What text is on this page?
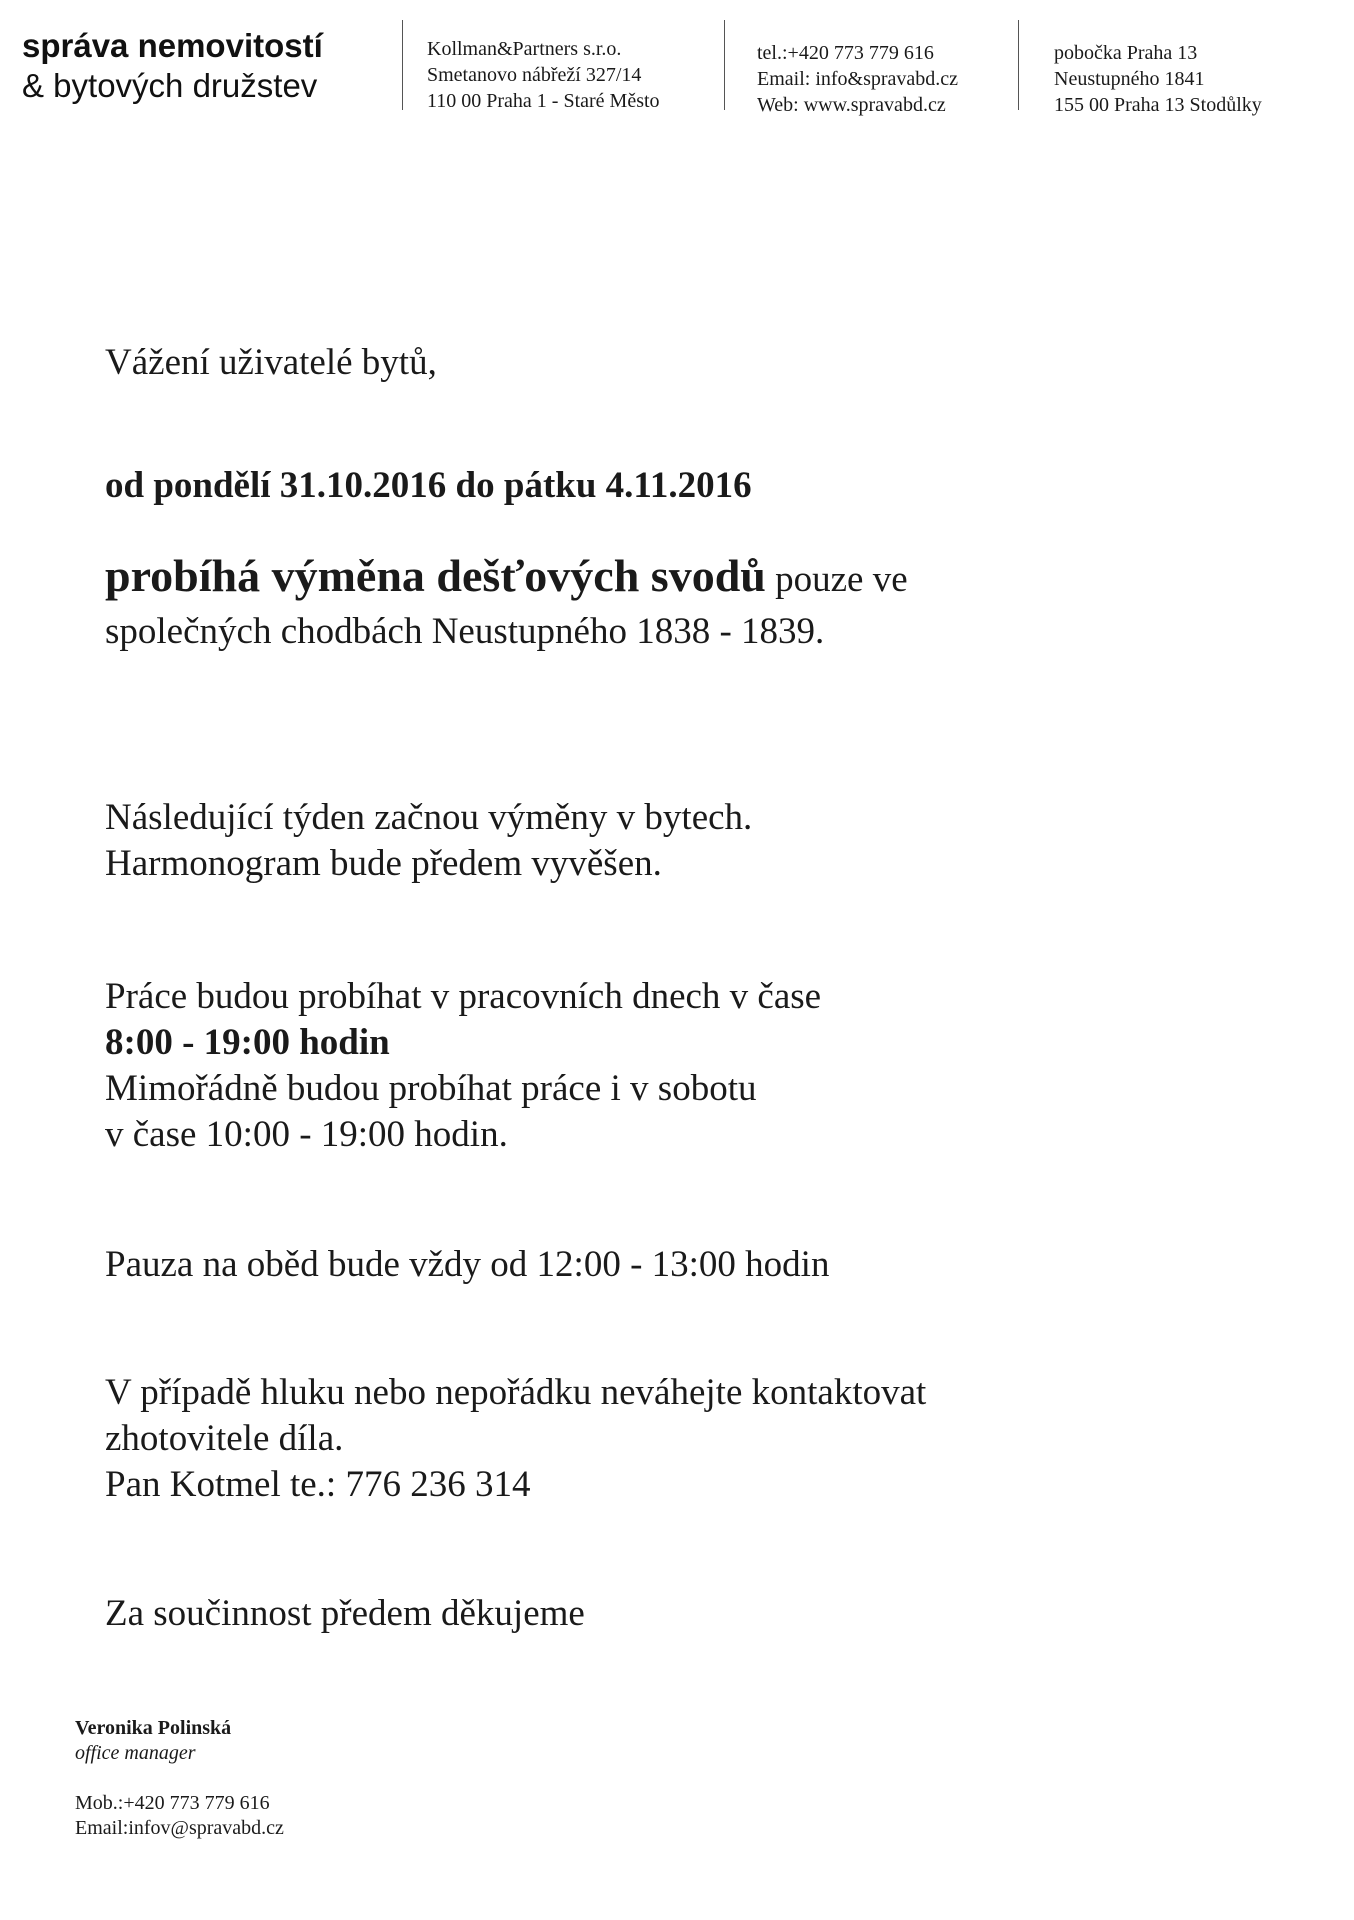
správa nemovitostí
& bytových družstev
Kollman&Partners s.r.o.
Smetanovo nábřeží 327/14
110 00 Praha 1 - Staré Město
tel.:+420 773 779 616
Email: info&spravabd.cz
Web: www.spravabd.cz
pobočka Praha 13
Neustupného 1841
155 00 Praha 13 Stodůlky
Vážení uživatelé bytů,
od pondělí 31.10.2016 do pátku 4.11.2016
probíhá výměna dešťových svodů pouze ve
společných chodbách Neustupného 1838 - 1839.
Následující týden začnou výměny v bytech.
Harmonogram bude předem vyvěšen.
Práce budou probíhat v pracovních dnech v čase
8:00 - 19:00 hodin
Mimořádně budou probíhat práce i v sobotu
v čase 10:00 - 19:00 hodin.
Pauza na oběd bude vždy od 12:00 - 13:00 hodin
V případě hluku nebo nepořádku neváhejte kontaktovat
zhotovitele díla.
Pan Kotmel te.: 776 236 314
Za součinnost předem děkujeme
Veronika Polinská
office manager
Mob.:+420 773 779 616
Email:infov@spravabd.cz
